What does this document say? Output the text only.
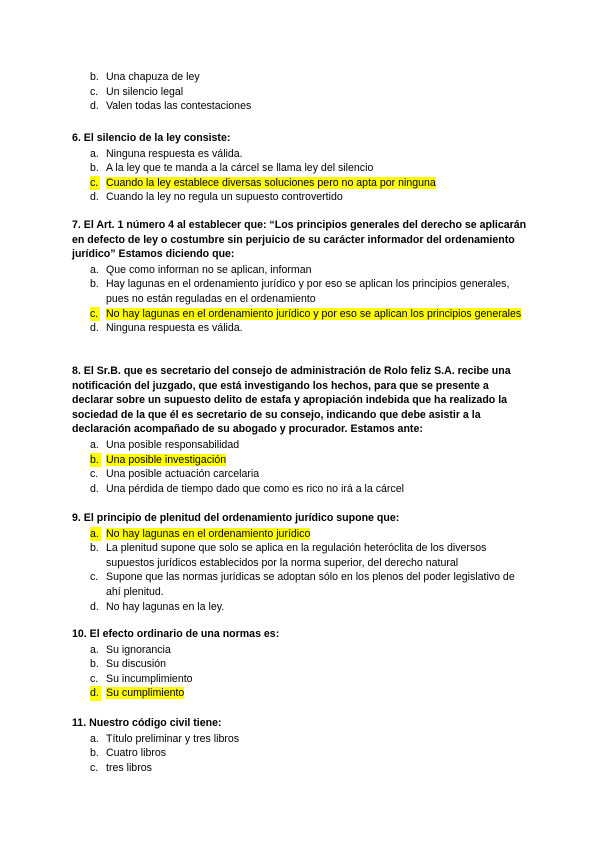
b. Una chapuza de ley
c. Un silencio legal
d. Valen todas las contestaciones

6. El silencio de la ley consiste:

a. Ninguna respuesta es válida.
b. A la ley que te manda a la cárcel se llama ley del silencio
c. Cuando la ley establece diversas soluciones pero no apta por ninguna
d. Cuando la ley no regula un supuesto controvertido

7. El Art. 1 número 4 al establecer que: “Los principios generales del derecho se aplicarán en defecto de ley o costumbre sin perjuicio de su carácter informador del ordenamiento jurídico” Estamos diciendo que:

a. Que como informan no se aplican, informan
b. Hay lagunas en el ordenamiento jurídico y por eso se aplican los principios generales, pues no están reguladas en el ordenamiento
c. No hay lagunas en el ordenamiento jurídico y por eso se aplican los principios generales
d. Ninguna respuesta es válida.

8. El Sr.B. que es secretario del consejo de administración de Rolo feliz S.A. recibe una notificación del juzgado, que está investigando los hechos, para que se presente a declarar sobre un supuesto delito de estafa y apropiación indebida que ha realizado la sociedad de la que él es secretario de su consejo, indicando que debe asistir a la declaración acompañado de su abogado y procurador. Estamos ante:

a. Una posible responsabilidad
b. Una posible investigación
c. Una posible actuación carcelaria
d. Una pérdida de tiempo dado que como es rico no irá a la cárcel

9. El principio de plenitud del ordenamiento jurídico supone que:

a. No hay lagunas en el ordenamiento jurídico
b. La plenitud supone que solo se aplica en la regulación heteróclita de los diversos supuestos jurídicos establecidos por la norma superior, del derecho natural
c. Supone que las normas jurídicas se adoptan sólo en los plenos del poder legislativo de ahí plenitud.
d. No hay lagunas en la ley.

10. El efecto ordinario de una normas es:

a. Su ignorancia
b. Su discusión
c. Su incumplimiento
d. Su cumplimiento

11. Nuestro código civil tiene:

a. Título preliminar y tres libros
b. Cuatro libros
c. tres libros
